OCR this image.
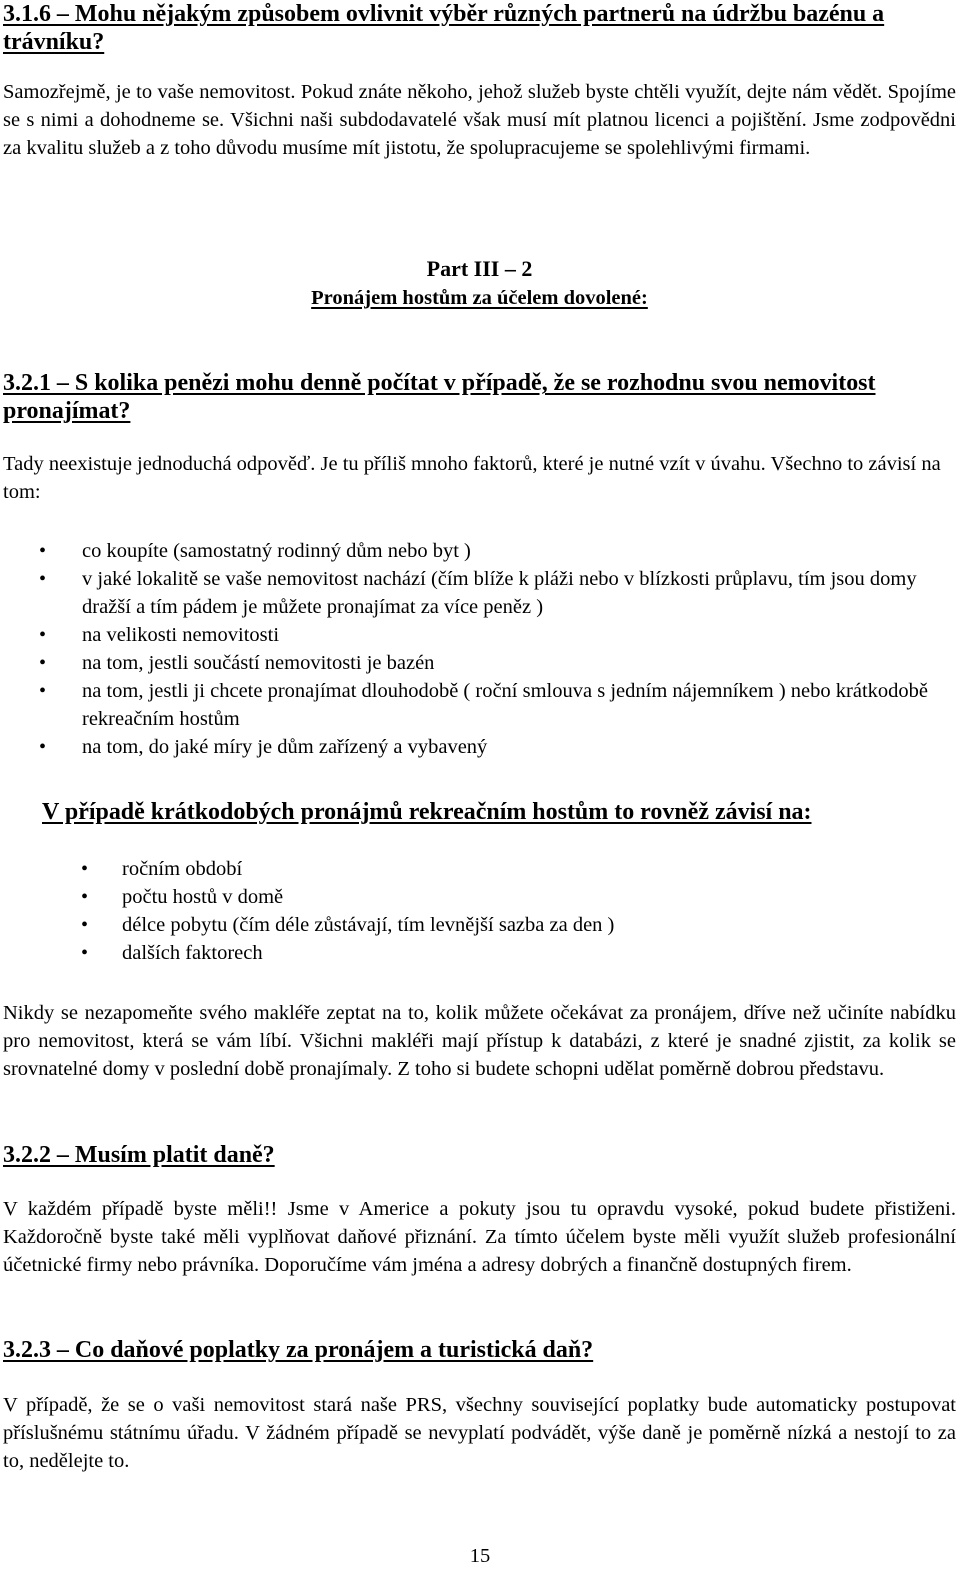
3.1.6 – Mohu nějakým způsobem ovlivnit výběr různých partnerů na údržbu bazénu a trávníku?

Samozřejmě, je to vaše nemovitost. Pokud znáte někoho, jehož služeb byste chtěli využít, dejte nám vědět. Spojíme se s nimi a dohodneme se. Všichni naši subdodavatelé však musí mít platnou licenci a pojištění. Jsme zodpovědni za kvalitu služeb a z toho důvodu musíme mít jistotu, že spolupracujeme se spolehlivými firmami.

Part III – 2
Pronájem hostům za účelem dovolené:
3.2.1 – S kolika penězi mohu denně počítat v případě, že se rozhodnu svou nemovitost pronajímat?

Tady neexistuje jednoduchá odpověď. Je tu příliš mnoho faktorů, které je nutné vzít v úvahu. Všechno to závisí na tom:

• co koupíte (samostatný rodinný dům nebo byt )
• v jaké lokalitě se vaše nemovitost nachází (čím blíže k pláži nebo v blízkosti průplavu, tím jsou domy dražší a tím pádem je můžete pronajímat za více peněz )
• na velikosti nemovitosti
• na tom, jestli součástí nemovitosti je bazén
• na tom, jestli ji chcete pronajímat dlouhodobě ( roční smlouva s jedním nájemníkem ) nebo krátkodobě rekreačním hostům
• na tom, do jaké míry je dům zařízený a vybavený
V případě krátkodobých pronájmů rekreačním hostům to rovněž závisí na:
• ročním období
• počtu hostů v domě
• délce pobytu (čím déle zůstávají, tím levnější sazba za den )
• dalších faktorech

Nikdy se nezapomeňte svého makléře zeptat na to, kolik můžete očekávat za pronájem, dříve než učiníte nabídku pro nemovitost, která se vám líbí. Všichni makléři mají přístup k databázi, z které je snadné zjistit, za kolik se srovnatelné domy v poslední době pronajímaly. Z toho si budete schopni udělat poměrně dobrou představu.

3.2.2 – Musím platit daně?

V každém případě byste měli!! Jsme v Americe a pokuty jsou tu opravdu vysoké, pokud budete přistiženi. Každoročně byste také měli vyplňovat daňové přiznání. Za tímto účelem byste měli využít služeb profesionální účetnické firmy nebo právníka. Doporučíme vám jména a adresy dobrých a finančně dostupných firem.

3.2.3 – Co daňové poplatky za pronájem a turistická daň?

V případě, že se o vaši nemovitost stará naše PRS, všechny související poplatky bude automaticky postupovat příslušnému státnímu úřadu. V žádném případě se nevyplatí podvádět, výše daně je poměrně nízká a nestojí to za to, nedělejte to.

15
